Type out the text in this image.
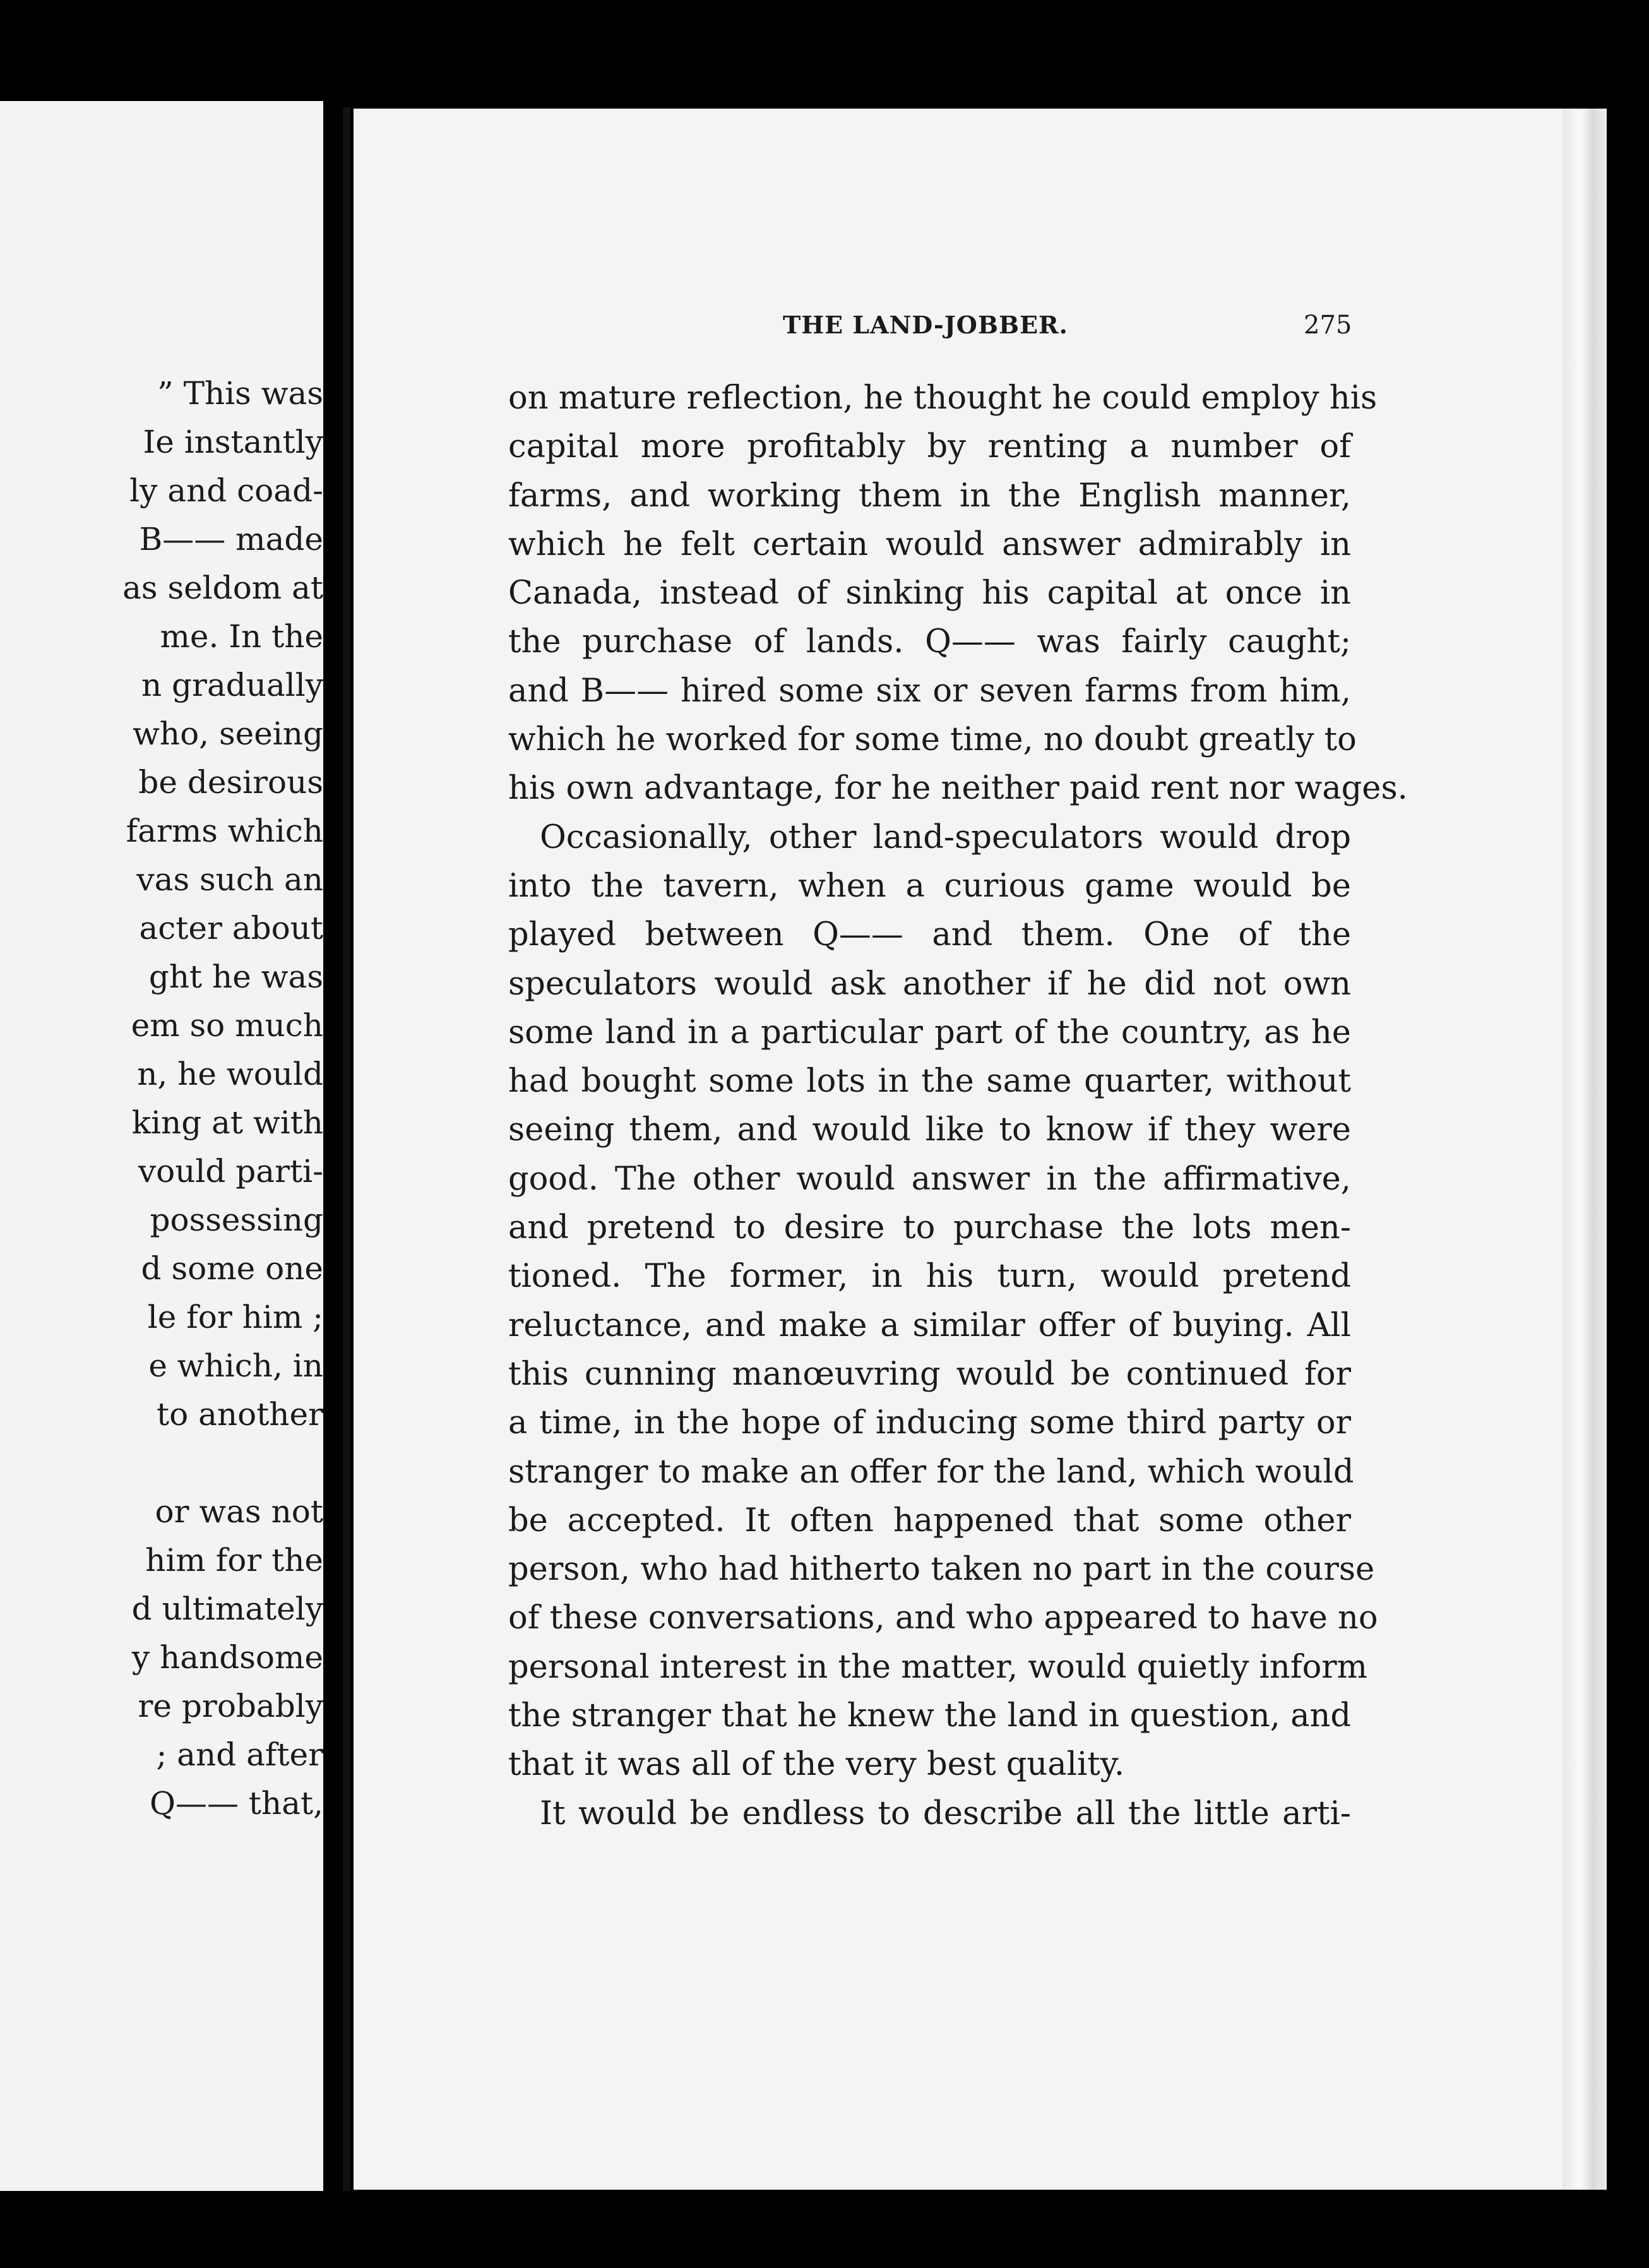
” This was
Ie instantly
ly and coad-
B—— made
as seldom at
me. In the
n gradually
who, seeing
be desirous
farms which
vas such an
acter about
ght he was
em so much
n, he would
king at with
vould parti-
possessing
d some one
le for him ;
e which, in
to another
or was not
him for the
d ultimately
y handsome
re probably
; and after
Q—— that,
THE LAND-JOBBER.	275
on mature reflection, he thought he could employ his
capital more profitably by renting a number of
farms, and working them in the English manner,
which he felt certain would answer admirably in
Canada, instead of sinking his capital at once in
the purchase of lands. Q—— was fairly caught;
and B—— hired some six or seven farms from him,
which he worked for some time, no doubt greatly to
his own advantage, for he neither paid rent nor wages.
Occasionally, other land-speculators would drop
into the tavern, when a curious game would be
played between Q—— and them. One of the
speculators would ask another if he did not own
some land in a particular part of the country, as he
had bought some lots in the same quarter, without
seeing them, and would like to know if they were
good. The other would answer in the affirmative,
and pretend to desire to purchase the lots men-
tioned. The former, in his turn, would pretend
reluctance, and make a similar offer of buying. All
this cunning manœuvring would be continued for
a time, in the hope of inducing some third party or
stranger to make an offer for the land, which would
be accepted. It often happened that some other
person, who had hitherto taken no part in the course
of these conversations, and who appeared to have no
personal interest in the matter, would quietly inform
the stranger that he knew the land in question, and
that it was all of the very best quality.
It would be endless to describe all the little arti-
